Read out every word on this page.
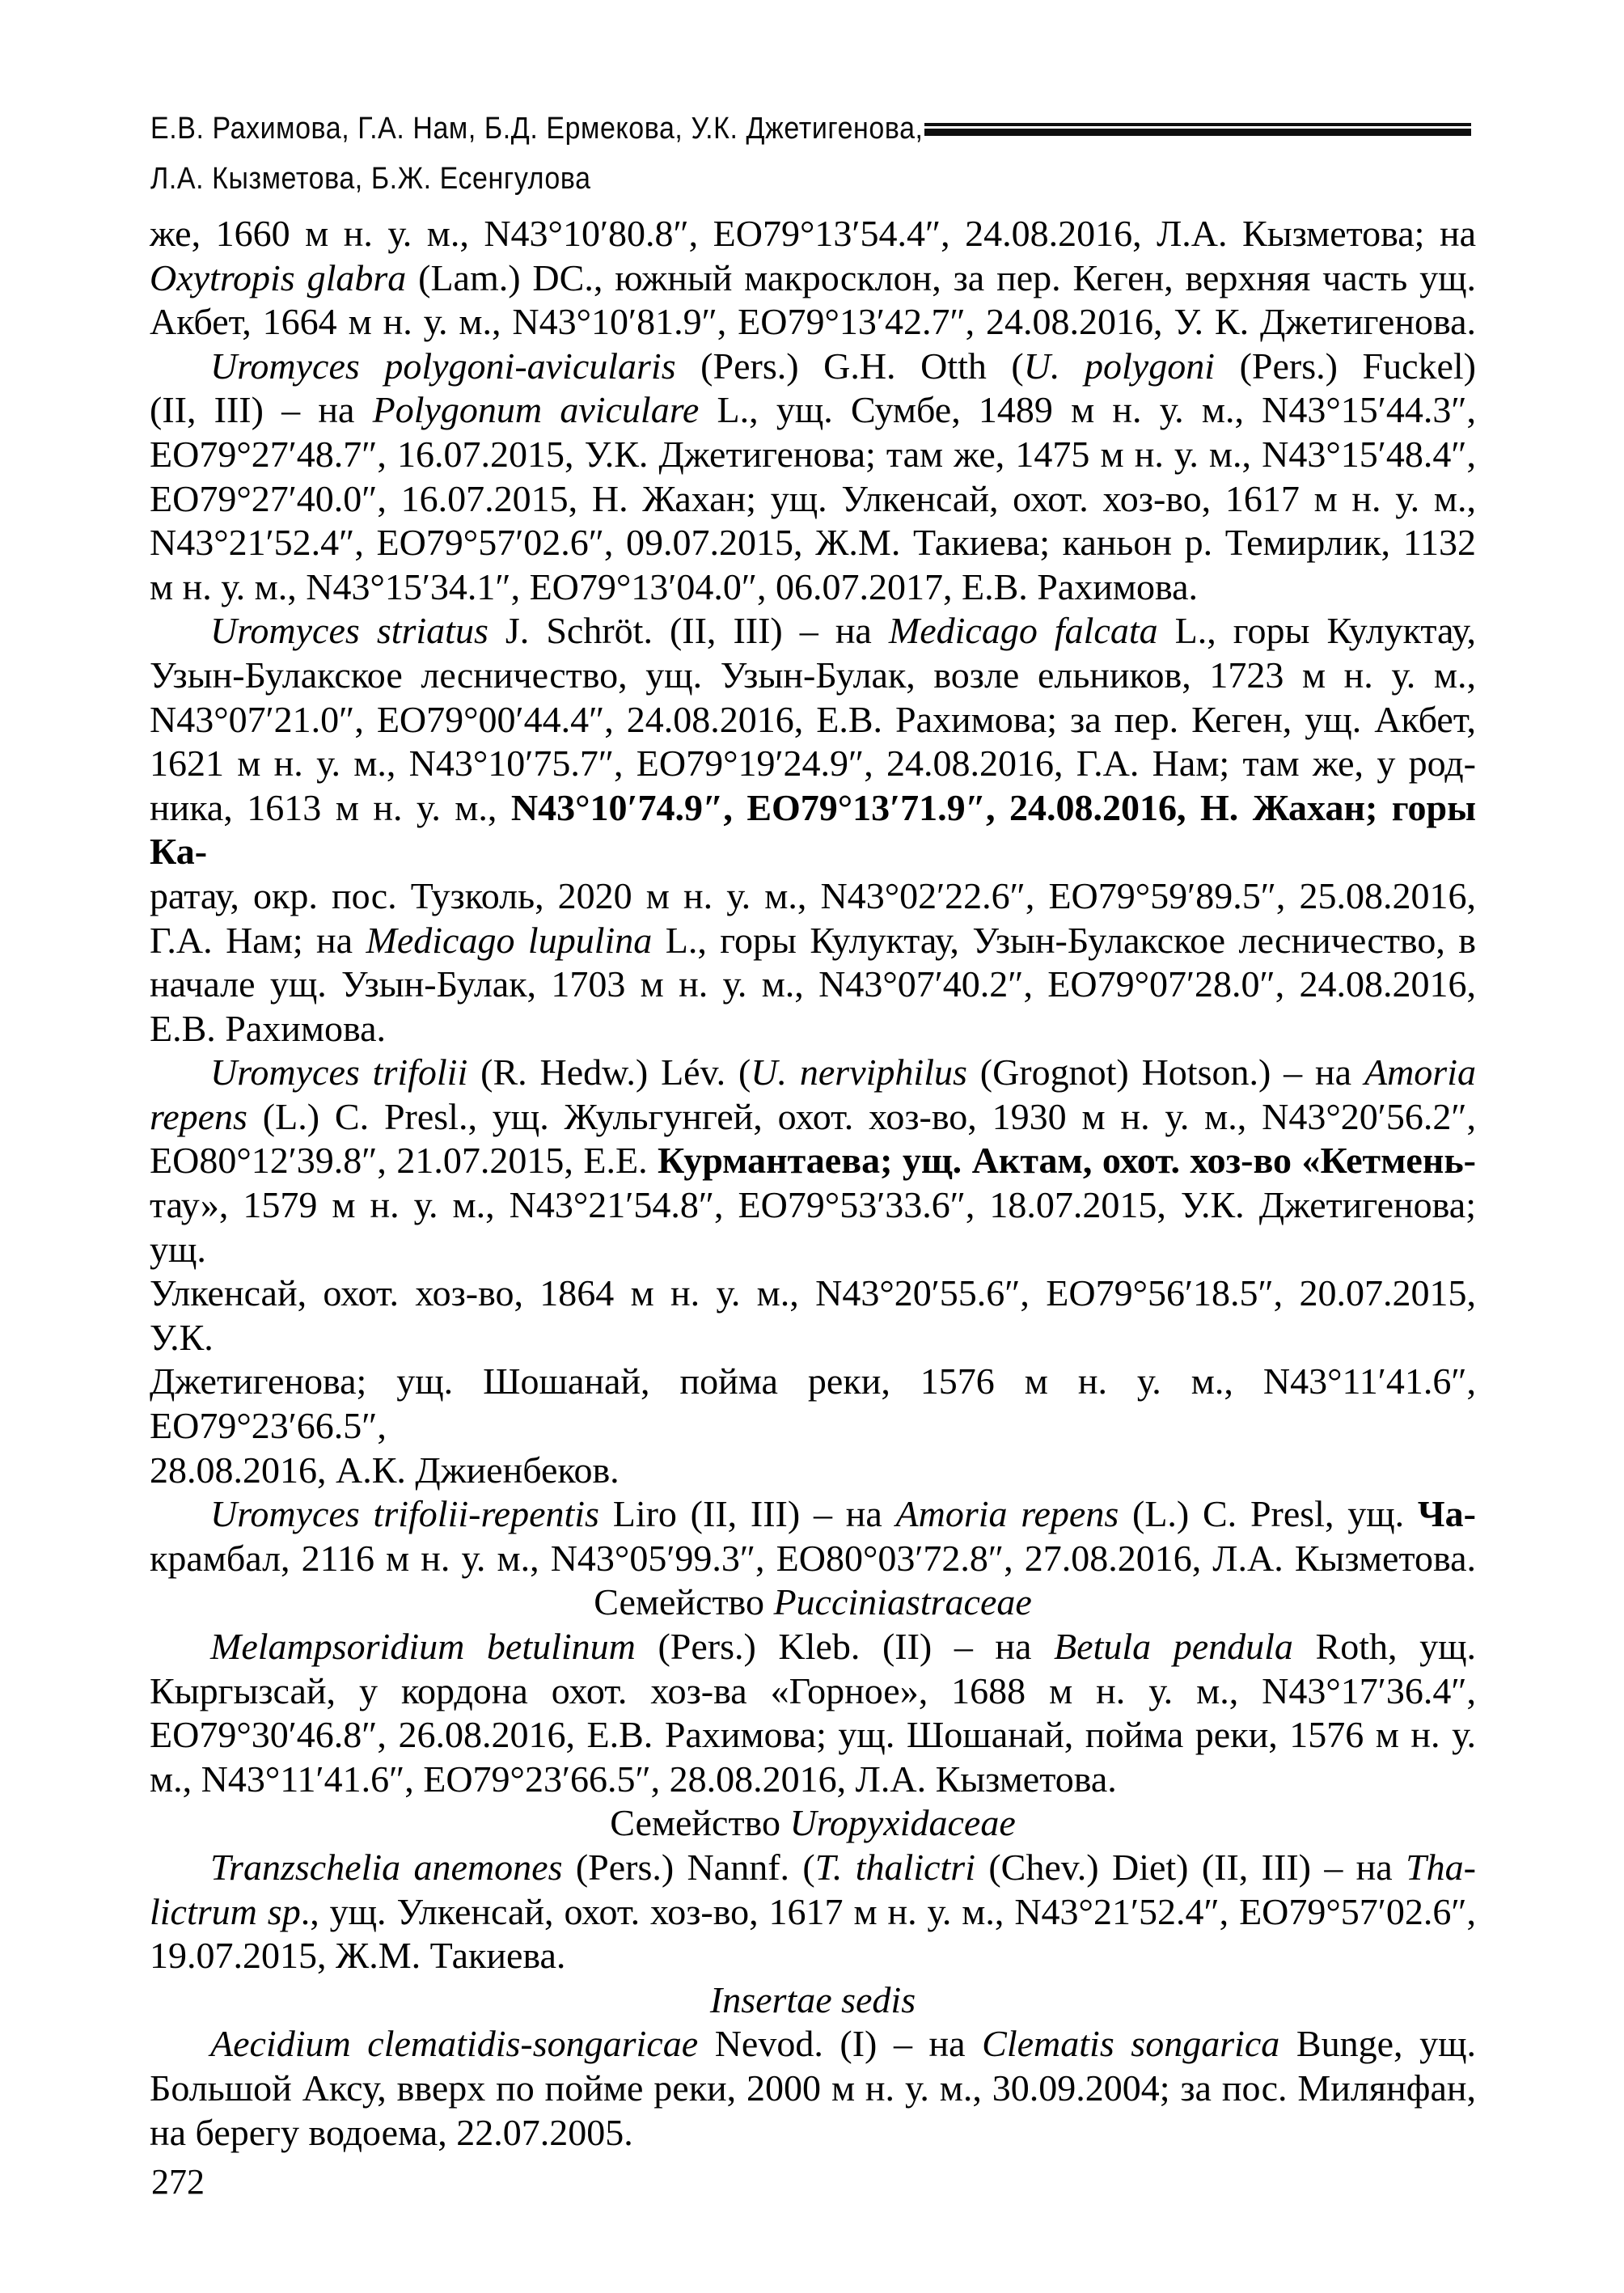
Е.В. Рахимова, Г.А. Нам, Б.Д. Ермекова, У.К. Джетигенова,
Л.А. Кызметова, Б.Ж. Есенгулова
же, 1660 м н. у. м., N43°10′80.8″, ЕО79°13′54.4″, 24.08.2016, Л.А. Кызметова; на
Oxytropis glabra (Lam.) DC., южный макросклон, за пер. Кеген, верхняя часть ущ.
Акбет, 1664 м н. у. м., N43°10′81.9″, ЕО79°13′42.7″, 24.08.2016, У. К. Джетигенова.
Uromyces polygoni-avicularis (Pers.) G.H. Otth (U. polygoni (Pers.) Fuckel)
(II, III) – на Polygonum aviculare L., ущ. Сумбе, 1489 м н. у. м., N43°15′44.3″,
ЕО79°27′48.7″, 16.07.2015, У.К. Джетигенова; там же, 1475 м н. у. м., N43°15′48.4″,
ЕО79°27′40.0″, 16.07.2015, Н. Жахан; ущ. Улкенсай, охот. хоз-во, 1617 м н. у. м.,
N43°21′52.4″, ЕО79°57′02.6″, 09.07.2015, Ж.М. Такиева; каньон р. Темирлик, 1132
м н. у. м., N43°15′34.1″, ЕО79°13′04.0″, 06.07.2017, Е.В. Рахимова.
Uromyces striatus J. Schröt. (II, III) – на Medicago falcata L., горы Кулуктау,
Узын-Булакское лесничество, ущ. Узын-Булак, возле ельников, 1723 м н. у. м.,
N43°07′21.0″, ЕО79°00′44.4″, 24.08.2016, Е.В. Рахимова; за пер. Кеген, ущ. Акбет,
1621 м н. у. м., N43°10′75.7″, ЕО79°19′24.9″, 24.08.2016, Г.А. Нам; там же, у род-
ника, 1613 м н. у. м., N43°10′74.9″, ЕО79°13′71.9″, 24.08.2016, Н. Жахан; горы Ка-
ратау, окр. пос. Тузколь, 2020 м н. у. м., N43°02′22.6″, ЕО79°59′89.5″, 25.08.2016,
Г.А. Нам; на Medicago lupulina L., горы Кулуктау, Узын-Булакское лесничество, в
начале ущ. Узын-Булак, 1703 м н. у. м., N43°07′40.2″, ЕО79°07′28.0″, 24.08.2016,
Е.В. Рахимова.
Uromyces trifolii (R. Hedw.) Lév. (U. nerviphilus (Grognot) Hotson.) – на Amoria
repens (L.) C. Presl., ущ. Жульгунгей, охот. хоз-во, 1930 м н. у. м., N43°20′56.2″,
ЕО80°12′39.8″, 21.07.2015, Е.Е. Курмантаева; ущ. Актам, охот. хоз-во «Кетмень-
тау», 1579 м н. у. м., N43°21′54.8″, ЕО79°53′33.6″, 18.07.2015, У.К. Джетигенова; ущ.
Улкенсай, охот. хоз-во, 1864 м н. у. м., N43°20′55.6″, ЕО79°56′18.5″, 20.07.2015, У.К.
Джетигенова; ущ. Шошанай, пойма реки, 1576 м н. у. м., N43°11′41.6″, ЕО79°23′66.5″,
28.08.2016, А.К. Джиенбеков.
Uromyces trifolii-repentis Liro (II, III) – на Amoria repens (L.) C. Presl, ущ. Ча-
крамбал, 2116 м н. у. м., N43°05′99.3″, ЕО80°03′72.8″, 27.08.2016, Л.А. Кызметова.
Семейство Pucciniastraceae
Melampsoridium betulinum (Pers.) Kleb. (II) – на Betula pendula Roth, ущ.
Кыргызсай, у кордона охот. хоз-ва «Горное», 1688 м н. у. м., N43°17′36.4″,
ЕО79°30′46.8″, 26.08.2016, Е.В. Рахимова; ущ. Шошанай, пойма реки, 1576 м н. у.
м., N43°11′41.6″, ЕО79°23′66.5″, 28.08.2016, Л.А. Кызметова.
Семейство Uropyxidaceae
Tranzschelia anemones (Pers.) Nannf. (T. thalictri (Chev.) Diet) (II, III) – на Tha-
lictrum sp., ущ. Улкенсай, охот. хоз-во, 1617 м н. у. м., N43°21′52.4″, ЕО79°57′02.6″,
19.07.2015, Ж.М. Такиева.
Insertae sedis
Aecidium clematidis-songaricae Nevod. (I) – на Clematis songarica Bunge, ущ.
Большой Аксу, вверх по пойме реки, 2000 м н. у. м., 30.09.2004; за пос. Милянфан,
на берегу водоема, 22.07.2005.
272
